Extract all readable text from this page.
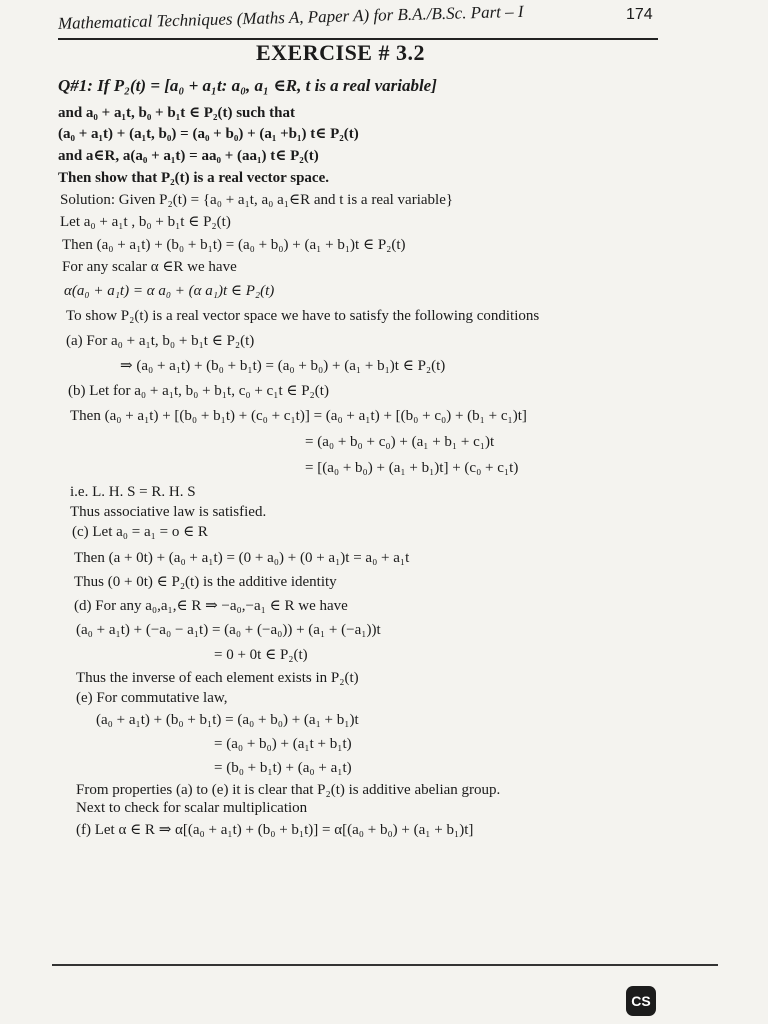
Mathematical Techniques (Maths A, Paper A) for B.A./B.Sc. Part – I	174
EXERCISE # 3.2
Q#1: If P₂(t) = [a₀ + a₁t: a₀, a₁ ∈R, t is a real variable]
and a₀ + a₁t, b₀ + b₁t ∈ P₂(t) such that
(a₀ + a₁t) + (a₁t, b₀) = (a₀ + b₀) + (a₁ +b₁) t∈ P₂(t)
and a∈R, a(a₀ + a₁t) = aa₀ + (aa₁) t∈ P₂(t)
Then show that P₂(t) is a real vector space.
Solution: Given P₂(t) = {a₀ + a₁t, a₀ a₁∈R and t is a real variable}
Let a₀ + a₁t , b₀ + b₁t ∈ P₂(t)
Then (a₀ + a₁t) + (b₀ + b₁t) = (a₀ + b₀) + (a₁ + b₁)t ∈ P₂(t)
For any scalar α ∈R we have
α(a₀ + a₁t) = α a₀ + (α a₁)t ∈ P₂(t)
To show P₂(t) is a real vector space we have to satisfy the following conditions
(a) For a₀ + a₁t, b₀ + b₁t ∈ P₂(t)
⇒ (a₀ + a₁t) + (b₀ + b₁t) = (a₀ + b₀) + (a₁ + b₁)t ∈ P₂(t)
(b) Let for a₀ + a₁t, b₀ + b₁t, c₀ + c₁t ∈ P₂(t)
Then (a₀ + a₁t) + [(b₀ + b₁t) + (c₀ + c₁t)] = (a₀ + a₁t) + [(b₀ + c₀) + (b₁ + c₁)t]
= (a₀ + b₀ + c₀) + (a₁ + b₁ + c₁)t
= [(a₀ + b₀) + (a₁ + b₁)t] + (c₀ + c₁t)
i.e. L. H. S = R. H. S
Thus associative law is satisfied.
(c) Let a₀ = a₁ = o ∈ R
Then (a + 0t) + (a₀ + a₁t) = (0 + a₀) + (0 + a₁)t = a₀ + a₁t
Thus (0 + 0t) ∈ P₂(t) is the additive identity
(d) For any a₀,a₁,∈ R ⇒ −a₀,−a₁ ∈ R we have
(a₀ + a₁t) + (−a₀ − a₁t) = (a₀ + (−a₀)) + (a₁ + (−a₁))t
= 0 + 0t ∈ P₂(t)
Thus the inverse of each element exists in P₂(t)
(e) For commutative law,
(a₀ + a₁t) + (b₀ + b₁t) = (a₀ + b₀) + (a₁ + b₁)t
= (a₀ + b₀) + (a₁t + b₁t)
= (b₀ + b₁t) + (a₀ + a₁t)
From properties (a) to (e) it is clear that P₂(t) is additive abelian group.
Next to check for scalar multiplication
(f) Let α ∈ R ⇒ α[(a₀ + a₁t) + (b₀ + b₁t)] = α[(a₀ + b₀) + (a₁ + b₁)t]
CS
